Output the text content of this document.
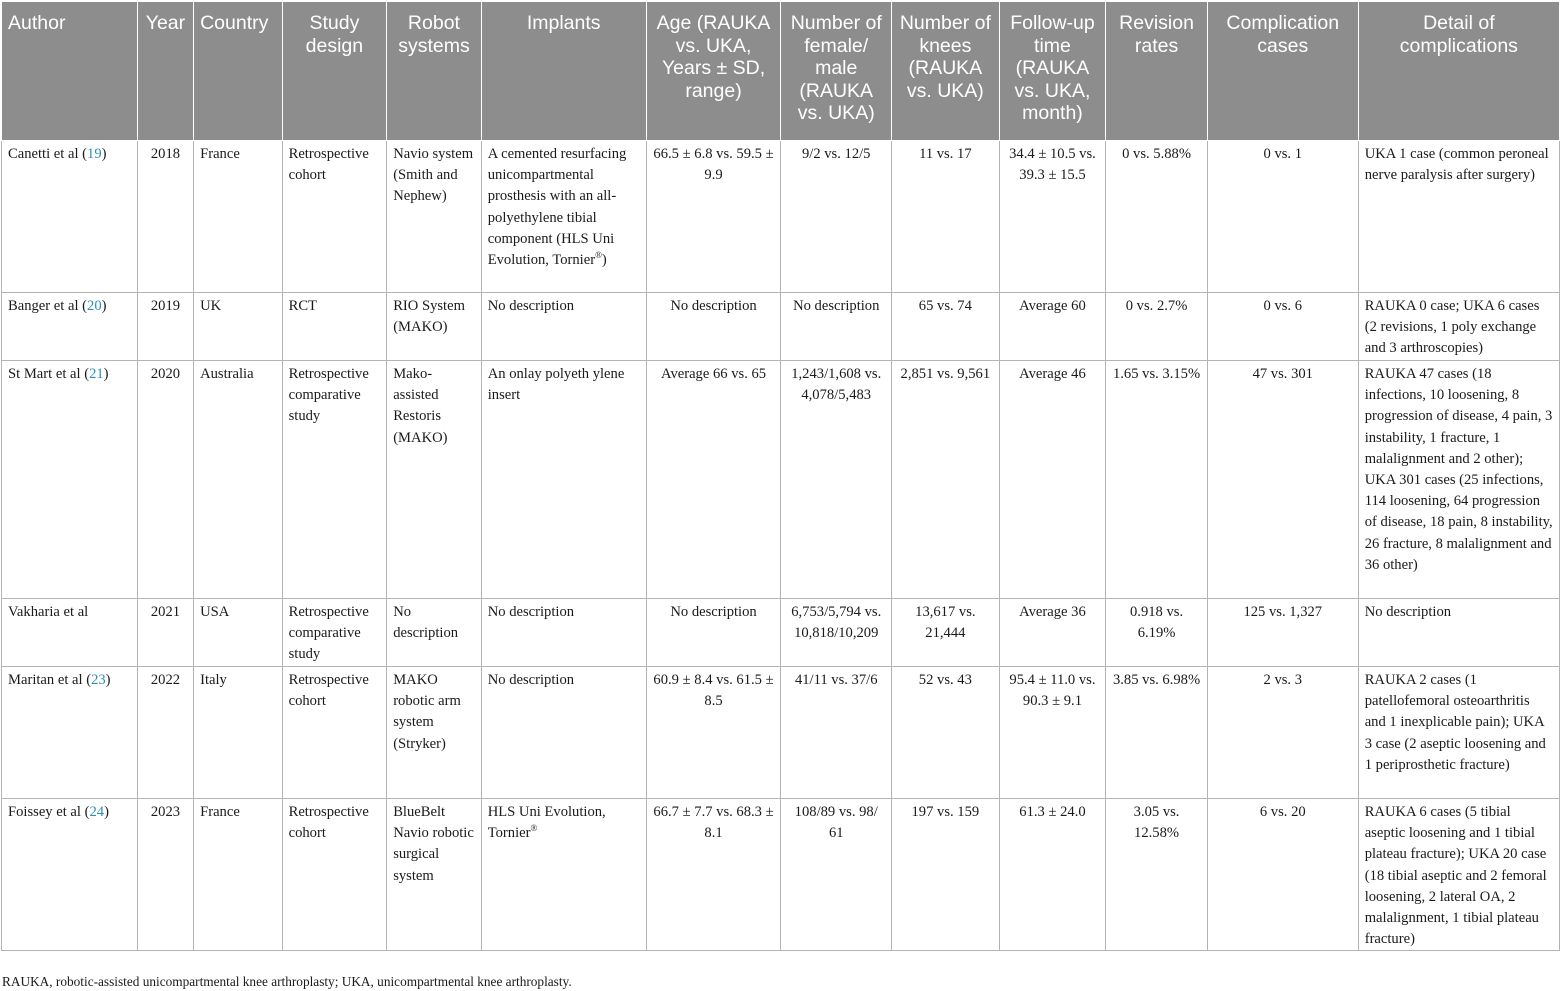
Author	Year	Country	Study design	Robot systems	Implants	Age (RAUKA vs. UKA, Years ± SD, range)	Number of female/ male (RAUKA vs. UKA)	Number of knees (RAUKA vs. UKA)	Follow-up time (RAUKA vs. UKA, month)	Revision rates	Complication cases	Detail of complications
Canetti et al (19)	2018	France	Retrospective cohort	Navio system (Smith and Nephew)	A cemented resurfacing unicompartmental prosthesis with an all-polyethylene tibial component (HLS Uni Evolution, Tornier®)	66.5 ± 6.8 vs. 59.5 ± 9.9	9/2 vs. 12/5	11 vs. 17	34.4 ± 10.5 vs. 39.3 ± 15.5	0 vs. 5.88%	0 vs. 1	UKA 1 case (common peroneal nerve paralysis after surgery)
Banger et al (20)	2019	UK	RCT	RIO System (MAKO)	No description	No description	No description	65 vs. 74	Average 60	0 vs. 2.7%	0 vs. 6	RAUKA 0 case; UKA 6 cases (2 revisions, 1 poly exchange and 3 arthroscopies)
St Mart et al (21)	2020	Australia	Retrospective comparative study	Mako-assisted Restoris (MAKO)	An onlay polyeth ylene insert	Average 66 vs. 65	1,243/1,608 vs. 4,078/5,483	2,851 vs. 9,561	Average 46	1.65 vs. 3.15%	47 vs. 301	RAUKA 47 cases (18 infections, 10 loosening, 8 progression of disease, 4 pain, 3 instability, 1 fracture, 1 malalignment and 2 other); UKA 301 cases (25 infections, 114 loosening, 64 progression of disease, 18 pain, 8 instability, 26 fracture, 8 malalignment and 36 other)
Vakharia et al	2021	USA	Retrospective comparative study	No description	No description	No description	6,753/5,794 vs. 10,818/10,209	13,617 vs. 21,444	Average 36	0.918 vs. 6.19%	125 vs. 1,327	No description
Maritan et al (23)	2022	Italy	Retrospective cohort	MAKO robotic arm system (Stryker)	No description	60.9 ± 8.4 vs. 61.5 ± 8.5	41/11 vs. 37/6	52 vs. 43	95.4 ± 11.0 vs. 90.3 ± 9.1	3.85 vs. 6.98%	2 vs. 3	RAUKA 2 cases (1 patellofemoral osteoarthritis and 1 inexplicable pain); UKA 3 case (2 aseptic loosening and 1 periprosthetic fracture)
Foissey et al (24)	2023	France	Retrospective cohort	BlueBelt Navio robotic surgical system	HLS Uni Evolution, Tornier®	66.7 ± 7.7 vs. 68.3 ± 8.1	108/89 vs. 98/ 61	197 vs. 159	61.3 ± 24.0	3.05 vs. 12.58%	6 vs. 20	RAUKA 6 cases (5 tibial aseptic loosening and 1 tibial plateau fracture); UKA 20 case (18 tibial aseptic and 2 femoral loosening, 2 lateral OA, 2 malalignment, 1 tibial plateau fracture)
RAUKA, robotic-assisted unicompartmental knee arthroplasty; UKA, unicompartmental knee arthroplasty.
